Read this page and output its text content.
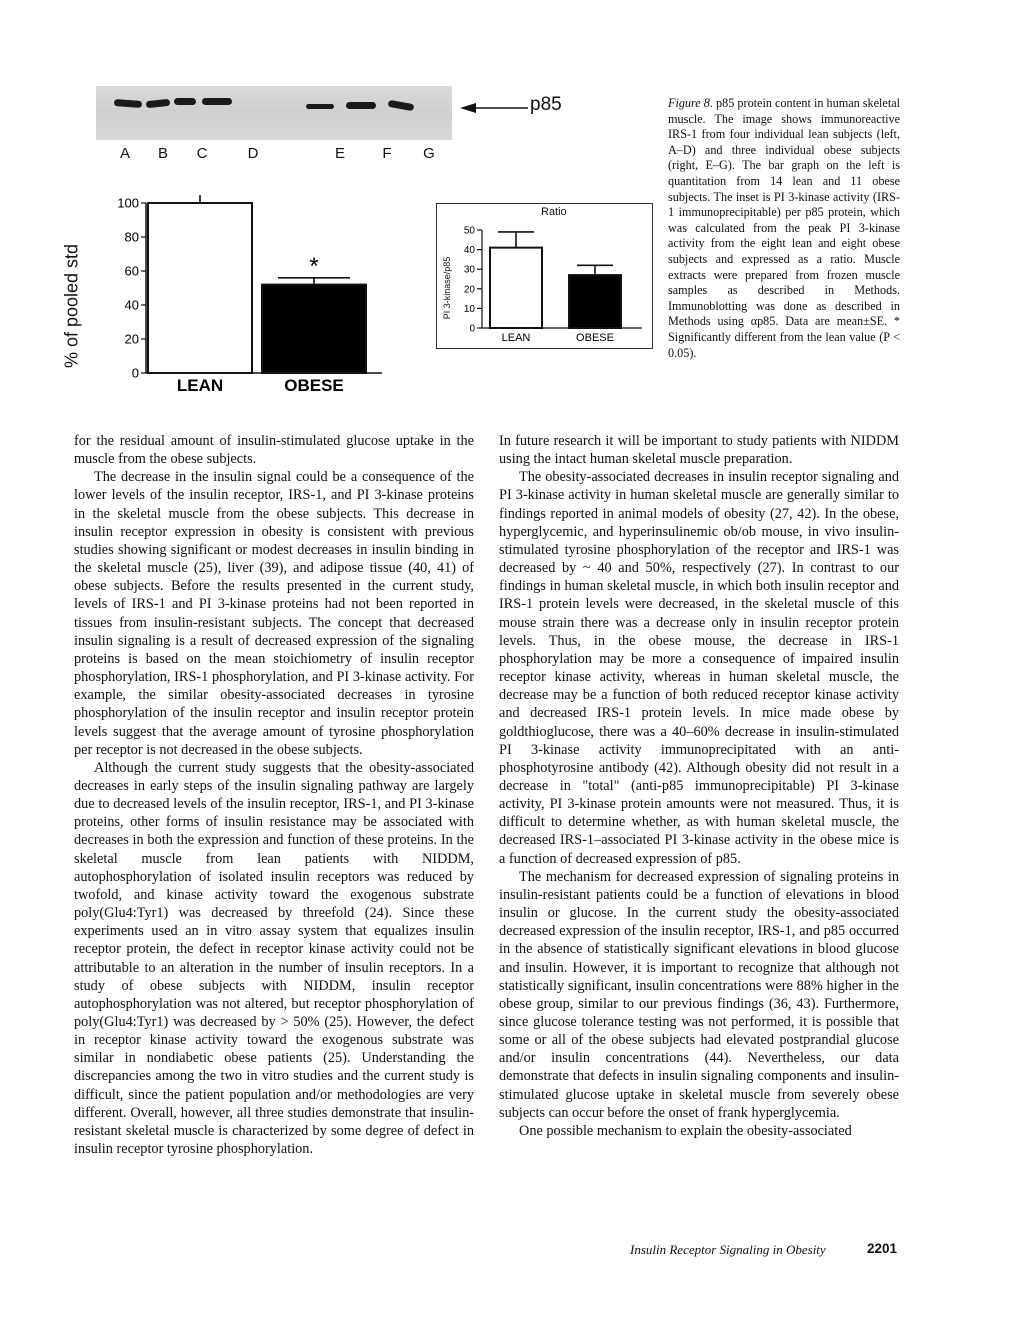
A	B	C	D	E	F	G
p85
% of pooled std
100
80
60
40
20
0
*
LEAN	OBESE
PI 3-kinase/p85
Ratio
50
40
30
20
10
0
LEAN	OBESE
Figure 8. p85 protein content in human skeletal muscle. The image shows immunoreactive IRS-1 from four individual lean subjects (left, A–D) and three individual obese subjects (right, E–G). The bar graph on the left is quantitation from 14 lean and 11 obese subjects. The inset is PI 3-kinase activity (IRS-1 immunoprecipitable) per p85 protein, which was calculated from the peak PI 3-kinase activity from the eight lean and eight obese subjects and expressed as a ratio. Muscle extracts were prepared from frozen muscle samples as described in Methods. Immunoblotting was done as described in Methods using αp85. Data are mean±SE. * Significantly different from the lean value (P < 0.05).

for the residual amount of insulin-stimulated glucose uptake in the muscle from the obese subjects.

The decrease in the insulin signal could be a consequence of the lower levels of the insulin receptor, IRS-1, and PI 3-kinase proteins in the skeletal muscle from the obese subjects. This decrease in insulin receptor expression in obesity is consistent with previous studies showing significant or modest decreases in insulin binding in the skeletal muscle (25), liver (39), and adipose tissue (40, 41) of obese subjects. Before the results presented in the current study, levels of IRS-1 and PI 3-kinase proteins had not been reported in tissues from insulin-resistant subjects. The concept that decreased insulin signaling is a result of decreased expression of the signaling proteins is based on the mean stoichiometry of insulin receptor phosphorylation, IRS-1 phosphorylation, and PI 3-kinase activity. For example, the similar obesity-associated decreases in tyrosine phosphorylation of the insulin receptor and insulin receptor protein levels suggest that the average amount of tyrosine phosphorylation per receptor is not decreased in the obese subjects.

Although the current study suggests that the obesity-associated decreases in early steps of the insulin signaling pathway are largely due to decreased levels of the insulin receptor, IRS-1, and PI 3-kinase proteins, other forms of insulin resistance may be associated with decreases in both the expression and function of these proteins. In the skeletal muscle from lean patients with NIDDM, autophosphorylation of isolated insulin receptors was reduced by twofold, and kinase activity toward the exogenous substrate poly(Glu4:Tyr1) was decreased by threefold (24). Since these experiments used an in vitro assay system that equalizes insulin receptor protein, the defect in receptor kinase activity could not be attributable to an alteration in the number of insulin receptors. In a study of obese subjects with NIDDM, insulin receptor autophosphorylation was not altered, but receptor phosphorylation of poly(Glu4:Tyr1) was decreased by > 50% (25). However, the defect in receptor kinase activity toward the exogenous substrate was similar in nondiabetic obese patients (25). Understanding the discrepancies among the two in vitro studies and the current study is difficult, since the patient population and/or methodologies are very different. Overall, however, all three studies demonstrate that insulin-resistant skeletal muscle is characterized by some degree of defect in insulin receptor tyrosine phosphorylation.

In future research it will be important to study patients with NIDDM using the intact human skeletal muscle preparation.

The obesity-associated decreases in insulin receptor signaling and PI 3-kinase activity in human skeletal muscle are generally similar to findings reported in animal models of obesity (27, 42). In the obese, hyperglycemic, and hyperinsulinemic ob/ob mouse, in vivo insulin-stimulated tyrosine phosphorylation of the receptor and IRS-1 was decreased by ~ 40 and 50%, respectively (27). In contrast to our findings in human skeletal muscle, in which both insulin receptor and IRS-1 protein levels were decreased, in the skeletal muscle of this mouse strain there was a decrease only in insulin receptor protein levels. Thus, in the obese mouse, the decrease in IRS-1 phosphorylation may be more a consequence of impaired insulin receptor kinase activity, whereas in human skeletal muscle, the decrease may be a function of both reduced receptor kinase activity and decreased IRS-1 protein levels. In mice made obese by goldthioglucose, there was a 40–60% decrease in insulin-stimulated PI 3-kinase activity immunoprecipitated with an anti-phosphotyrosine antibody (42). Although obesity did not result in a decrease in "total" (anti-p85 immunoprecipitable) PI 3-kinase activity, PI 3-kinase protein amounts were not measured. Thus, it is difficult to determine whether, as with human skeletal muscle, the decreased IRS-1–associated PI 3-kinase activity in the obese mice is a function of decreased expression of p85.

The mechanism for decreased expression of signaling proteins in insulin-resistant patients could be a function of elevations in blood insulin or glucose. In the current study the obesity-associated decreased expression of the insulin receptor, IRS-1, and p85 occurred in the absence of statistically significant elevations in blood glucose and insulin. However, it is important to recognize that although not statistically significant, insulin concentrations were 88% higher in the obese group, similar to our previous findings (36, 43). Furthermore, since glucose tolerance testing was not performed, it is possible that some or all of the obese subjects had elevated postprandial glucose and/or insulin concentrations (44). Nevertheless, our data demonstrate that defects in insulin signaling components and insulin-stimulated glucose uptake in skeletal muscle from severely obese subjects can occur before the onset of frank hyperglycemia.

One possible mechanism to explain the obesity-associated

Insulin Receptor Signaling in Obesity	2201
